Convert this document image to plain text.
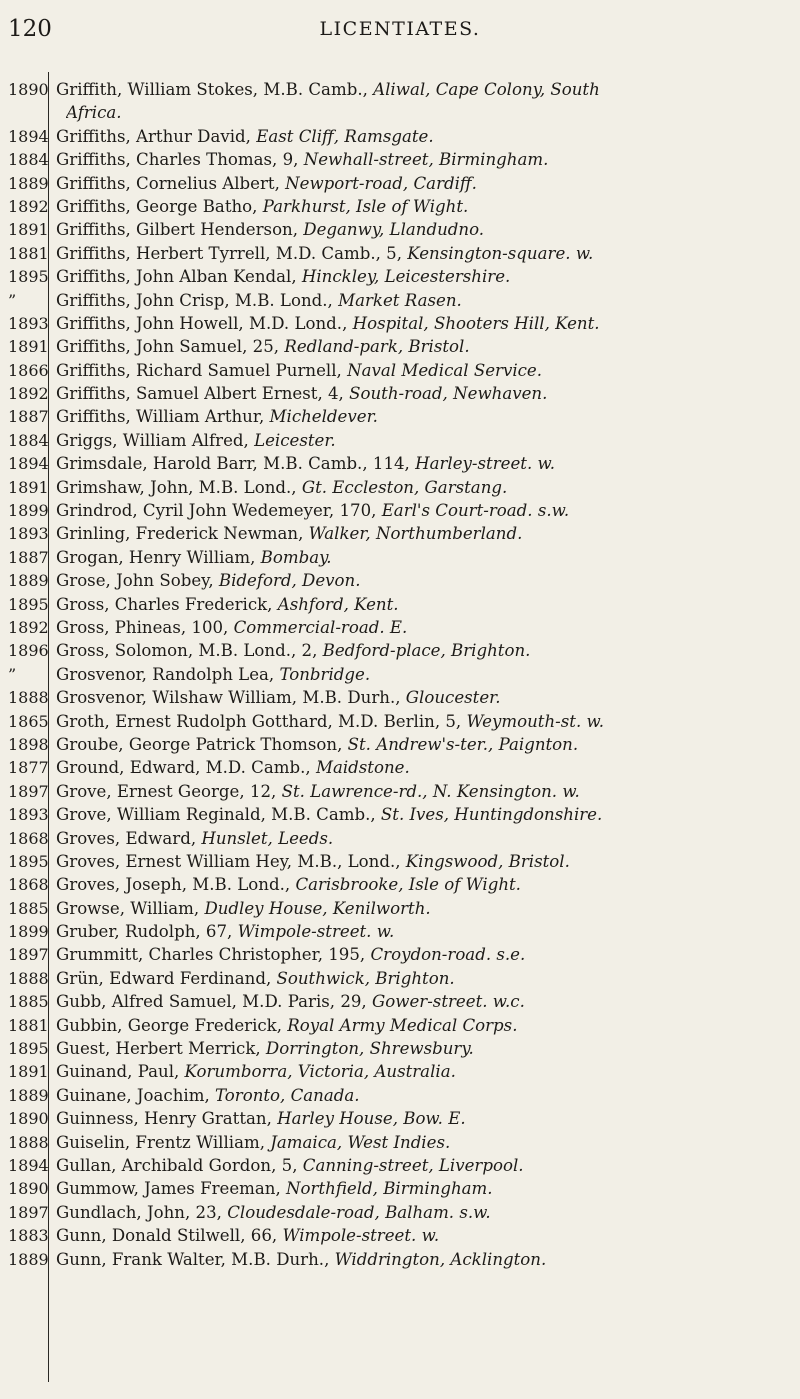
120	LICENTIATES.
1890 Griffith, William Stokes, M.B. Camb., Aliwal, Cape Colony, South
Africa.
1894 Griffiths, Arthur David, East Cliff, Ramsgate.
1884 Griffiths, Charles Thomas, 9, Newhall-street, Birmingham.
1889 Griffiths, Cornelius Albert, Newport-road, Cardiff.
1892 Griffiths, George Batho, Parkhurst, Isle of Wight.
1891 Griffiths, Gilbert Henderson, Deganwy, Llandudno.
1881 Griffiths, Herbert Tyrrell, M.D. Camb., 5, Kensington-square. w.
1895 Griffiths, John Alban Kendal, Hinckley, Leicestershire.
”	Griffiths, John Crisp, M.B. Lond., Market Rasen.
1893 Griffiths, John Howell, M.D. Lond., Hospital, Shooters Hill, Kent.
1891 Griffiths, John Samuel, 25, Redland-park, Bristol.
1866 Griffiths, Richard Samuel Purnell, Naval Medical Service.
1892 Griffiths, Samuel Albert Ernest, 4, South-road, Newhaven.
1887 Griffiths, William Arthur, Micheldever.
1884 Griggs, William Alfred, Leicester.
1894 Grimsdale, Harold Barr, M.B. Camb., 114, Harley-street. w.
1891 Grimshaw, John, M.B. Lond., Gt. Eccleston, Garstang.
1899 Grindrod, Cyril John Wedemeyer, 170, Earl's Court-road. s.w.
1893 Grinling, Frederick Newman, Walker, Northumberland.
1887 Grogan, Henry William, Bombay.
1889 Grose, John Sobey, Bideford, Devon.
1895 Gross, Charles Frederick, Ashford, Kent.
1892 Gross, Phineas, 100, Commercial-road. E.
1896 Gross, Solomon, M.B. Lond., 2, Bedford-place, Brighton.
”	Grosvenor, Randolph Lea, Tonbridge.
1888 Grosvenor, Wilshaw William, M.B. Durh., Gloucester.
1865 Groth, Ernest Rudolph Gotthard, M.D. Berlin, 5, Weymouth-st. w.
1898 Groube, George Patrick Thomson, St. Andrew's-ter., Paignton.
1877 Ground, Edward, M.D. Camb., Maidstone.
1897 Grove, Ernest George, 12, St. Lawrence-rd., N. Kensington. w.
1893 Grove, William Reginald, M.B. Camb., St. Ives, Huntingdonshire.
1868 Groves, Edward, Hunslet, Leeds.
1895 Groves, Ernest William Hey, M.B., Lond., Kingswood, Bristol.
1868 Groves, Joseph, M.B. Lond., Carisbrooke, Isle of Wight.
1885 Growse, William, Dudley House, Kenilworth.
1899 Gruber, Rudolph, 67, Wimpole-street. w.
1897 Grummitt, Charles Christopher, 195, Croydon-road. s.e.
1888 Grün, Edward Ferdinand, Southwick, Brighton.
1885 Gubb, Alfred Samuel, M.D. Paris, 29, Gower-street. w.c.
1881 Gubbin, George Frederick, Royal Army Medical Corps.
1895 Guest, Herbert Merrick, Dorrington, Shrewsbury.
1891 Guinand, Paul, Korumborra, Victoria, Australia.
1889 Guinane, Joachim, Toronto, Canada.
1890 Guinness, Henry Grattan, Harley House, Bow. E.
1888 Guiselin, Frentz William, Jamaica, West Indies.
1894 Gullan, Archibald Gordon, 5, Canning-street, Liverpool.
1890 Gummow, James Freeman, Northfield, Birmingham.
1897 Gundlach, John, 23, Cloudesdale-road, Balham. s.w.
1883 Gunn, Donald Stilwell, 66, Wimpole-street. w.
1889 Gunn, Frank Walter, M.B. Durh., Widdrington, Acklington.
